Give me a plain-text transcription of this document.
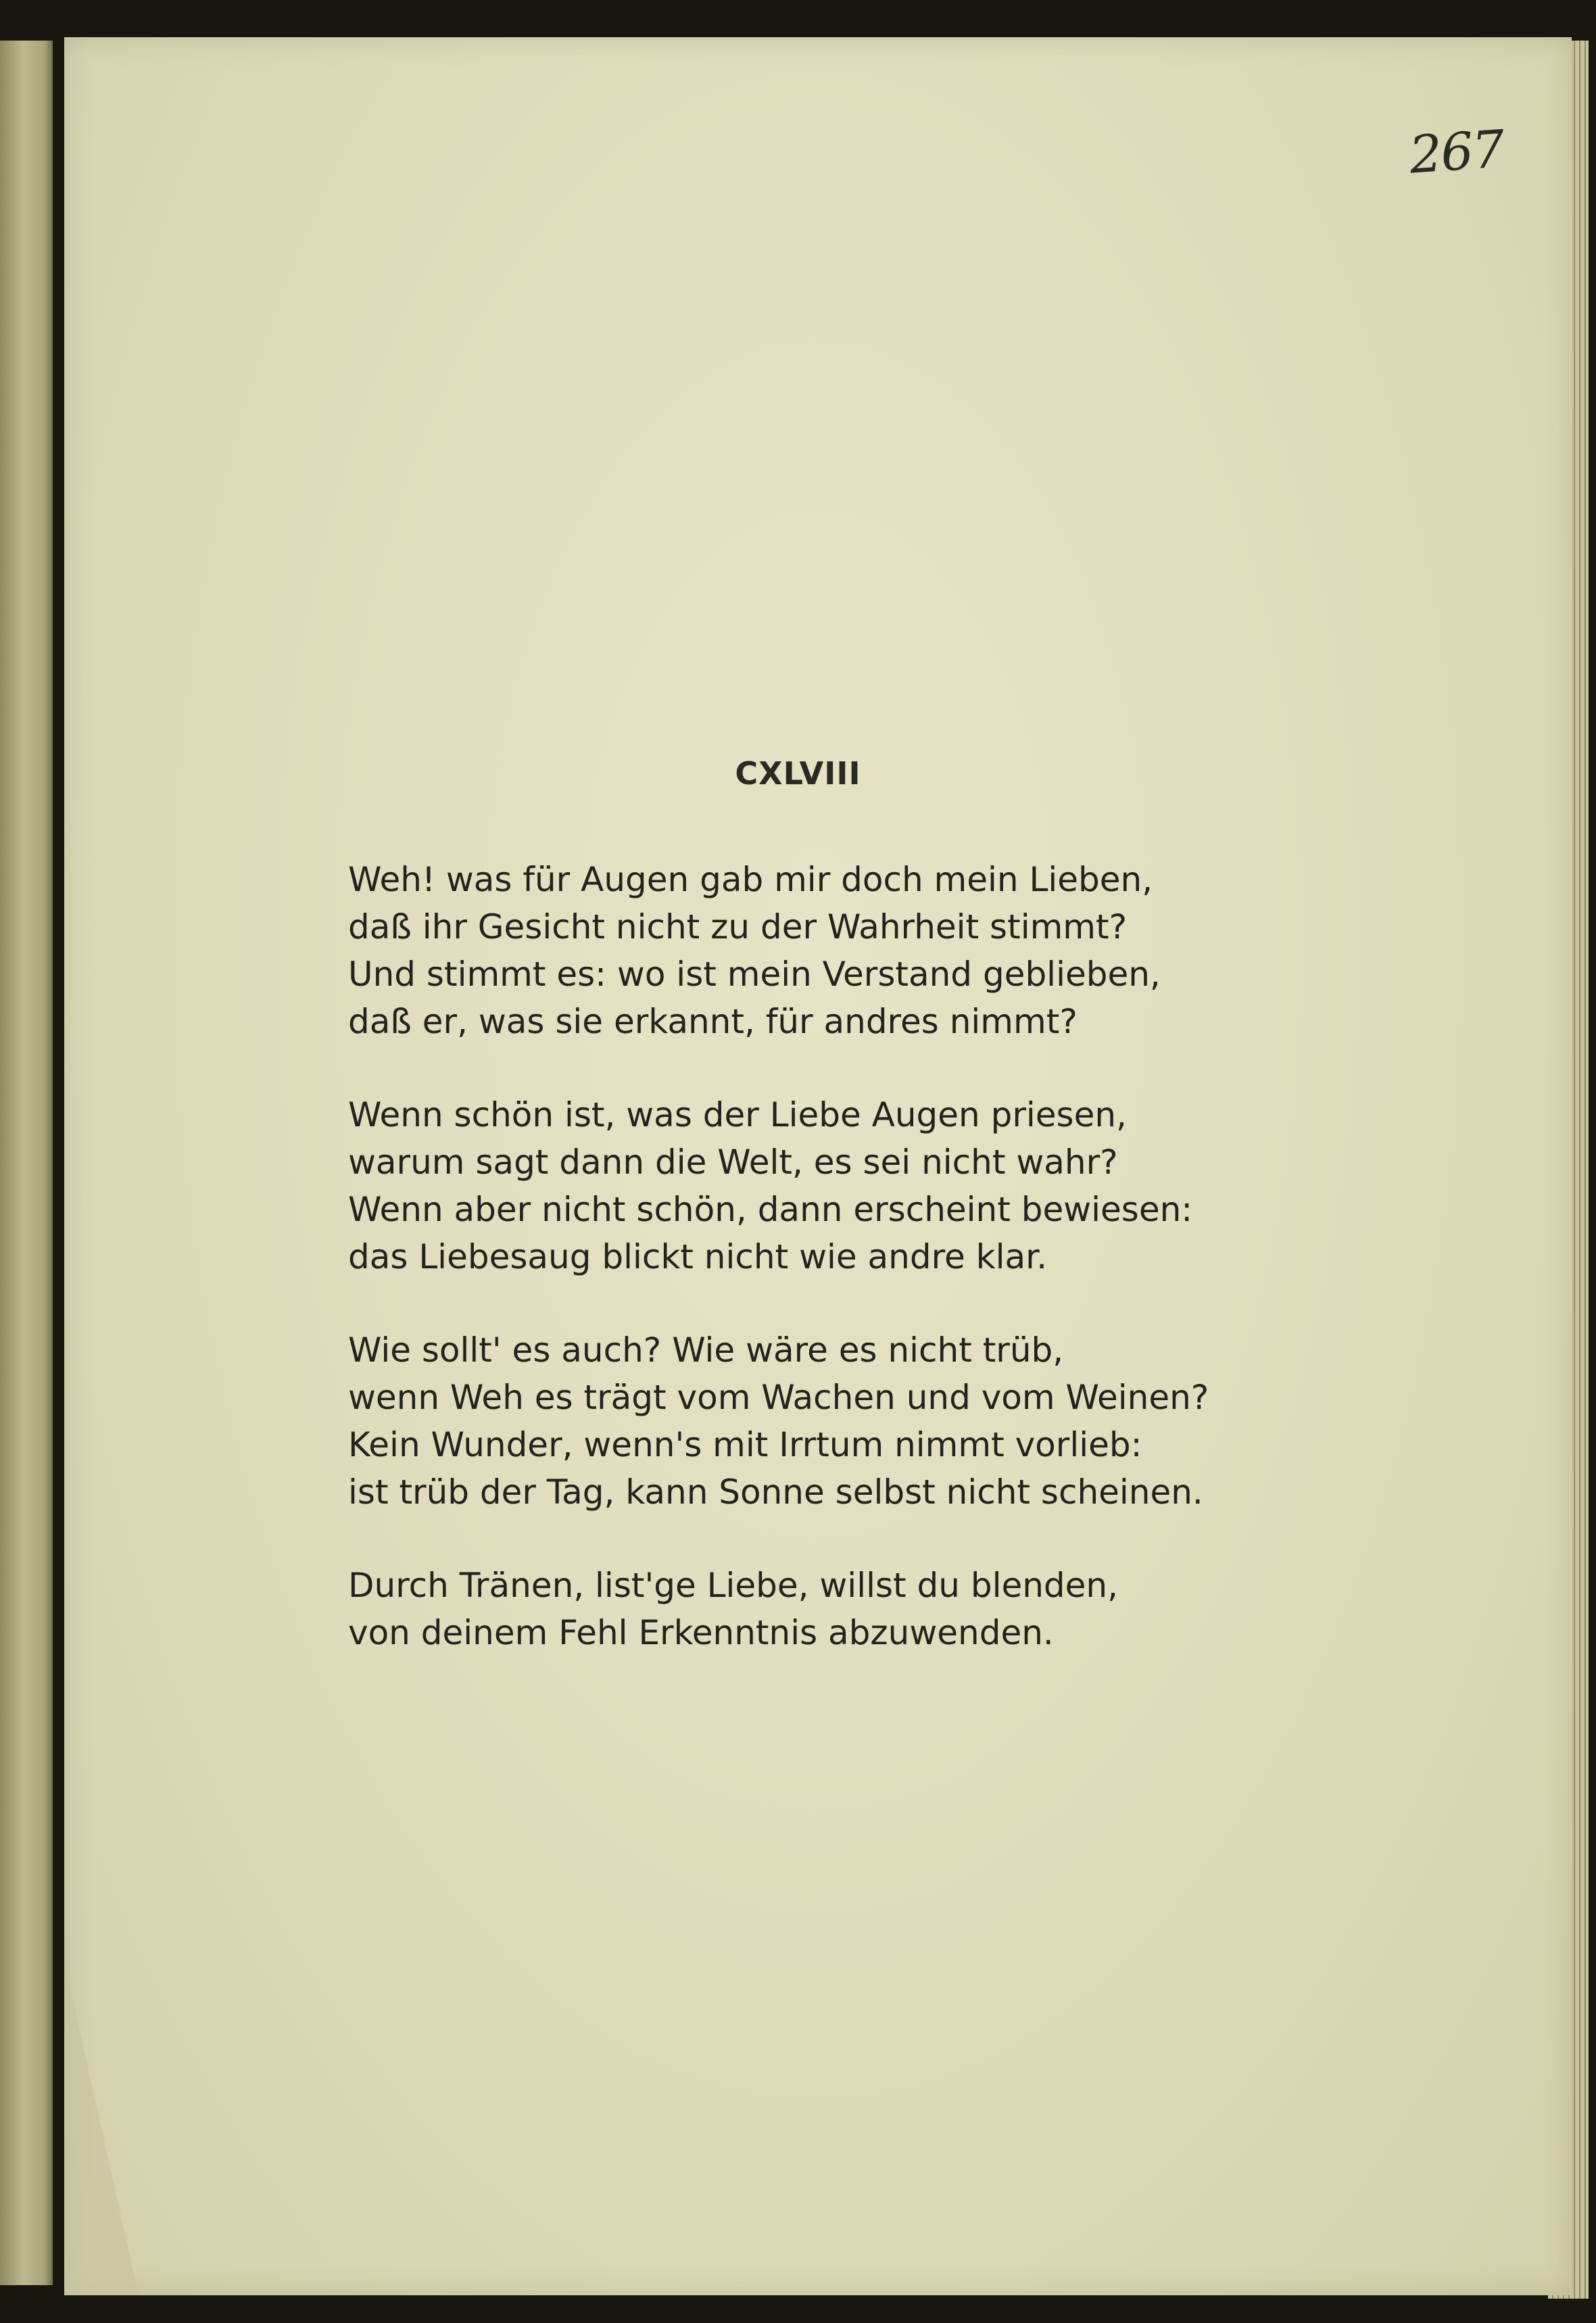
267
CXLVIII
Weh! was für Augen gab mir doch mein Lieben,
daß ihr Gesicht nicht zu der Wahrheit stimmt?
Und stimmt es: wo ist mein Verstand geblieben,
daß er, was sie erkannt, für andres nimmt?
Wenn schön ist, was der Liebe Augen priesen,
warum sagt dann die Welt, es sei nicht wahr?
Wenn aber nicht schön, dann erscheint bewiesen:
das Liebesaug blickt nicht wie andre klar.
Wie sollt' es auch? Wie wäre es nicht trüb,
wenn Weh es trägt vom Wachen und vom Weinen?
Kein Wunder, wenn's mit Irrtum nimmt vorlieb:
ist trüb der Tag, kann Sonne selbst nicht scheinen.
Durch Tränen, list'ge Liebe, willst du blenden,
von deinem Fehl Erkenntnis abzuwenden.
